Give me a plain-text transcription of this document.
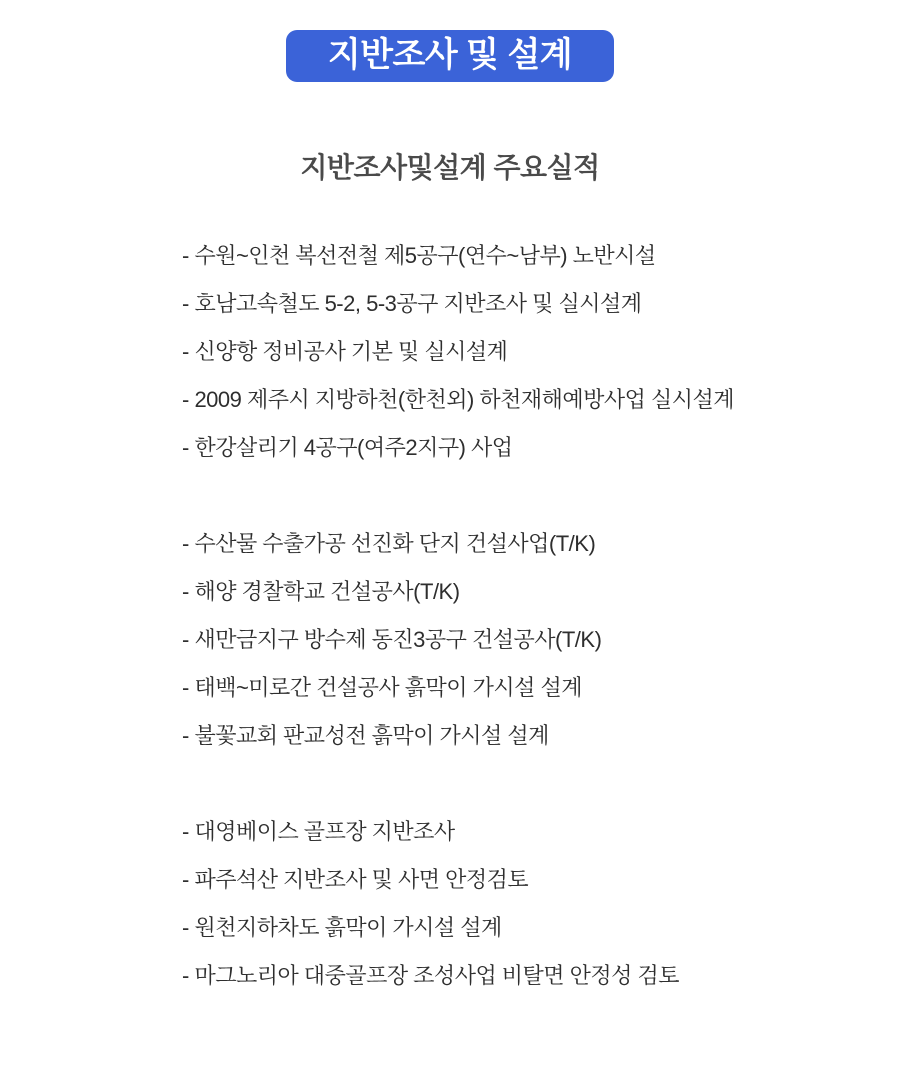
지반조사 및 설계
지반조사및설계 주요실적
- 수원~인천 복선전철 제5공구(연수~남부) 노반시설
- 호남고속철도 5-2, 5-3공구 지반조사 및 실시설계
- 신양항 정비공사 기본 및 실시설계
- 2009 제주시 지방하천(한천외) 하천재해예방사업 실시설계
- 한강살리기 4공구(여주2지구) 사업
- 수산물 수출가공 선진화 단지 건설사업(T/K)
- 해양 경찰학교 건설공사(T/K)
- 새만금지구 방수제 동진3공구 건설공사(T/K)
- 태백~미로간 건설공사 흙막이 가시설 설계
- 불꽃교회 판교성전 흙막이 가시설 설계
- 대영베이스 골프장 지반조사
- 파주석산 지반조사 및 사면 안정검토
- 원천지하차도 흙막이 가시설 설계
- 마그노리아 대중골프장 조성사업 비탈면 안정성 검토
